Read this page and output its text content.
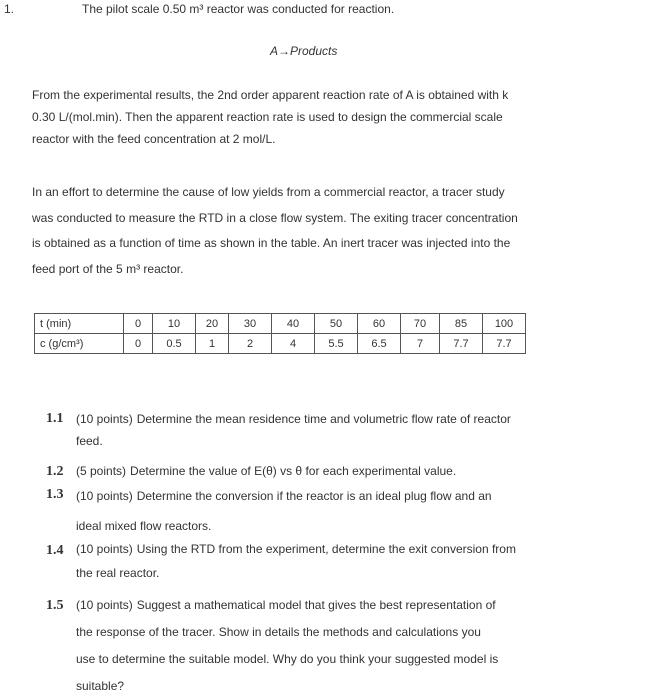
1.	The pilot scale 0.50 m³ reactor was conducted for reaction.
A→Products

From the experimental results, the 2nd order apparent reaction rate of A is obtained with k

0.30 L/(mol.min). Then the apparent reaction rate is used to design the commercial scale

reactor with the feed concentration at 2 mol/L.

In an effort to determine the cause of low yields from a commercial reactor, a tracer study

was conducted to measure the RTD in a close flow system. The exiting tracer concentration

is obtained as a function of time as shown in the table. An inert tracer was injected into the

feed port of the 5 m³ reactor.

t (min)	0	10	20	30	40	50	60	70	85	100
c (g/cm³)	0	0.5	1	2	4	5.5	6.5	7	7.7	7.7
1.1	(10 points) Determine the mean residence time and volumetric flow rate of reactor
feed.
1.2	(5 points) Determine the value of E(θ) vs θ for each experimental value.
1.3	(10 points) Determine the conversion if the reactor is an ideal plug flow and an
ideal mixed flow reactors.
1.4	(10 points) Using the RTD from the experiment, determine the exit conversion from
the real reactor.
1.5	(10 points) Suggest a mathematical model that gives the best representation of
the response of the tracer. Show in details the methods and calculations you
use to determine the suitable model. Why do you think your suggested model is
suitable?
